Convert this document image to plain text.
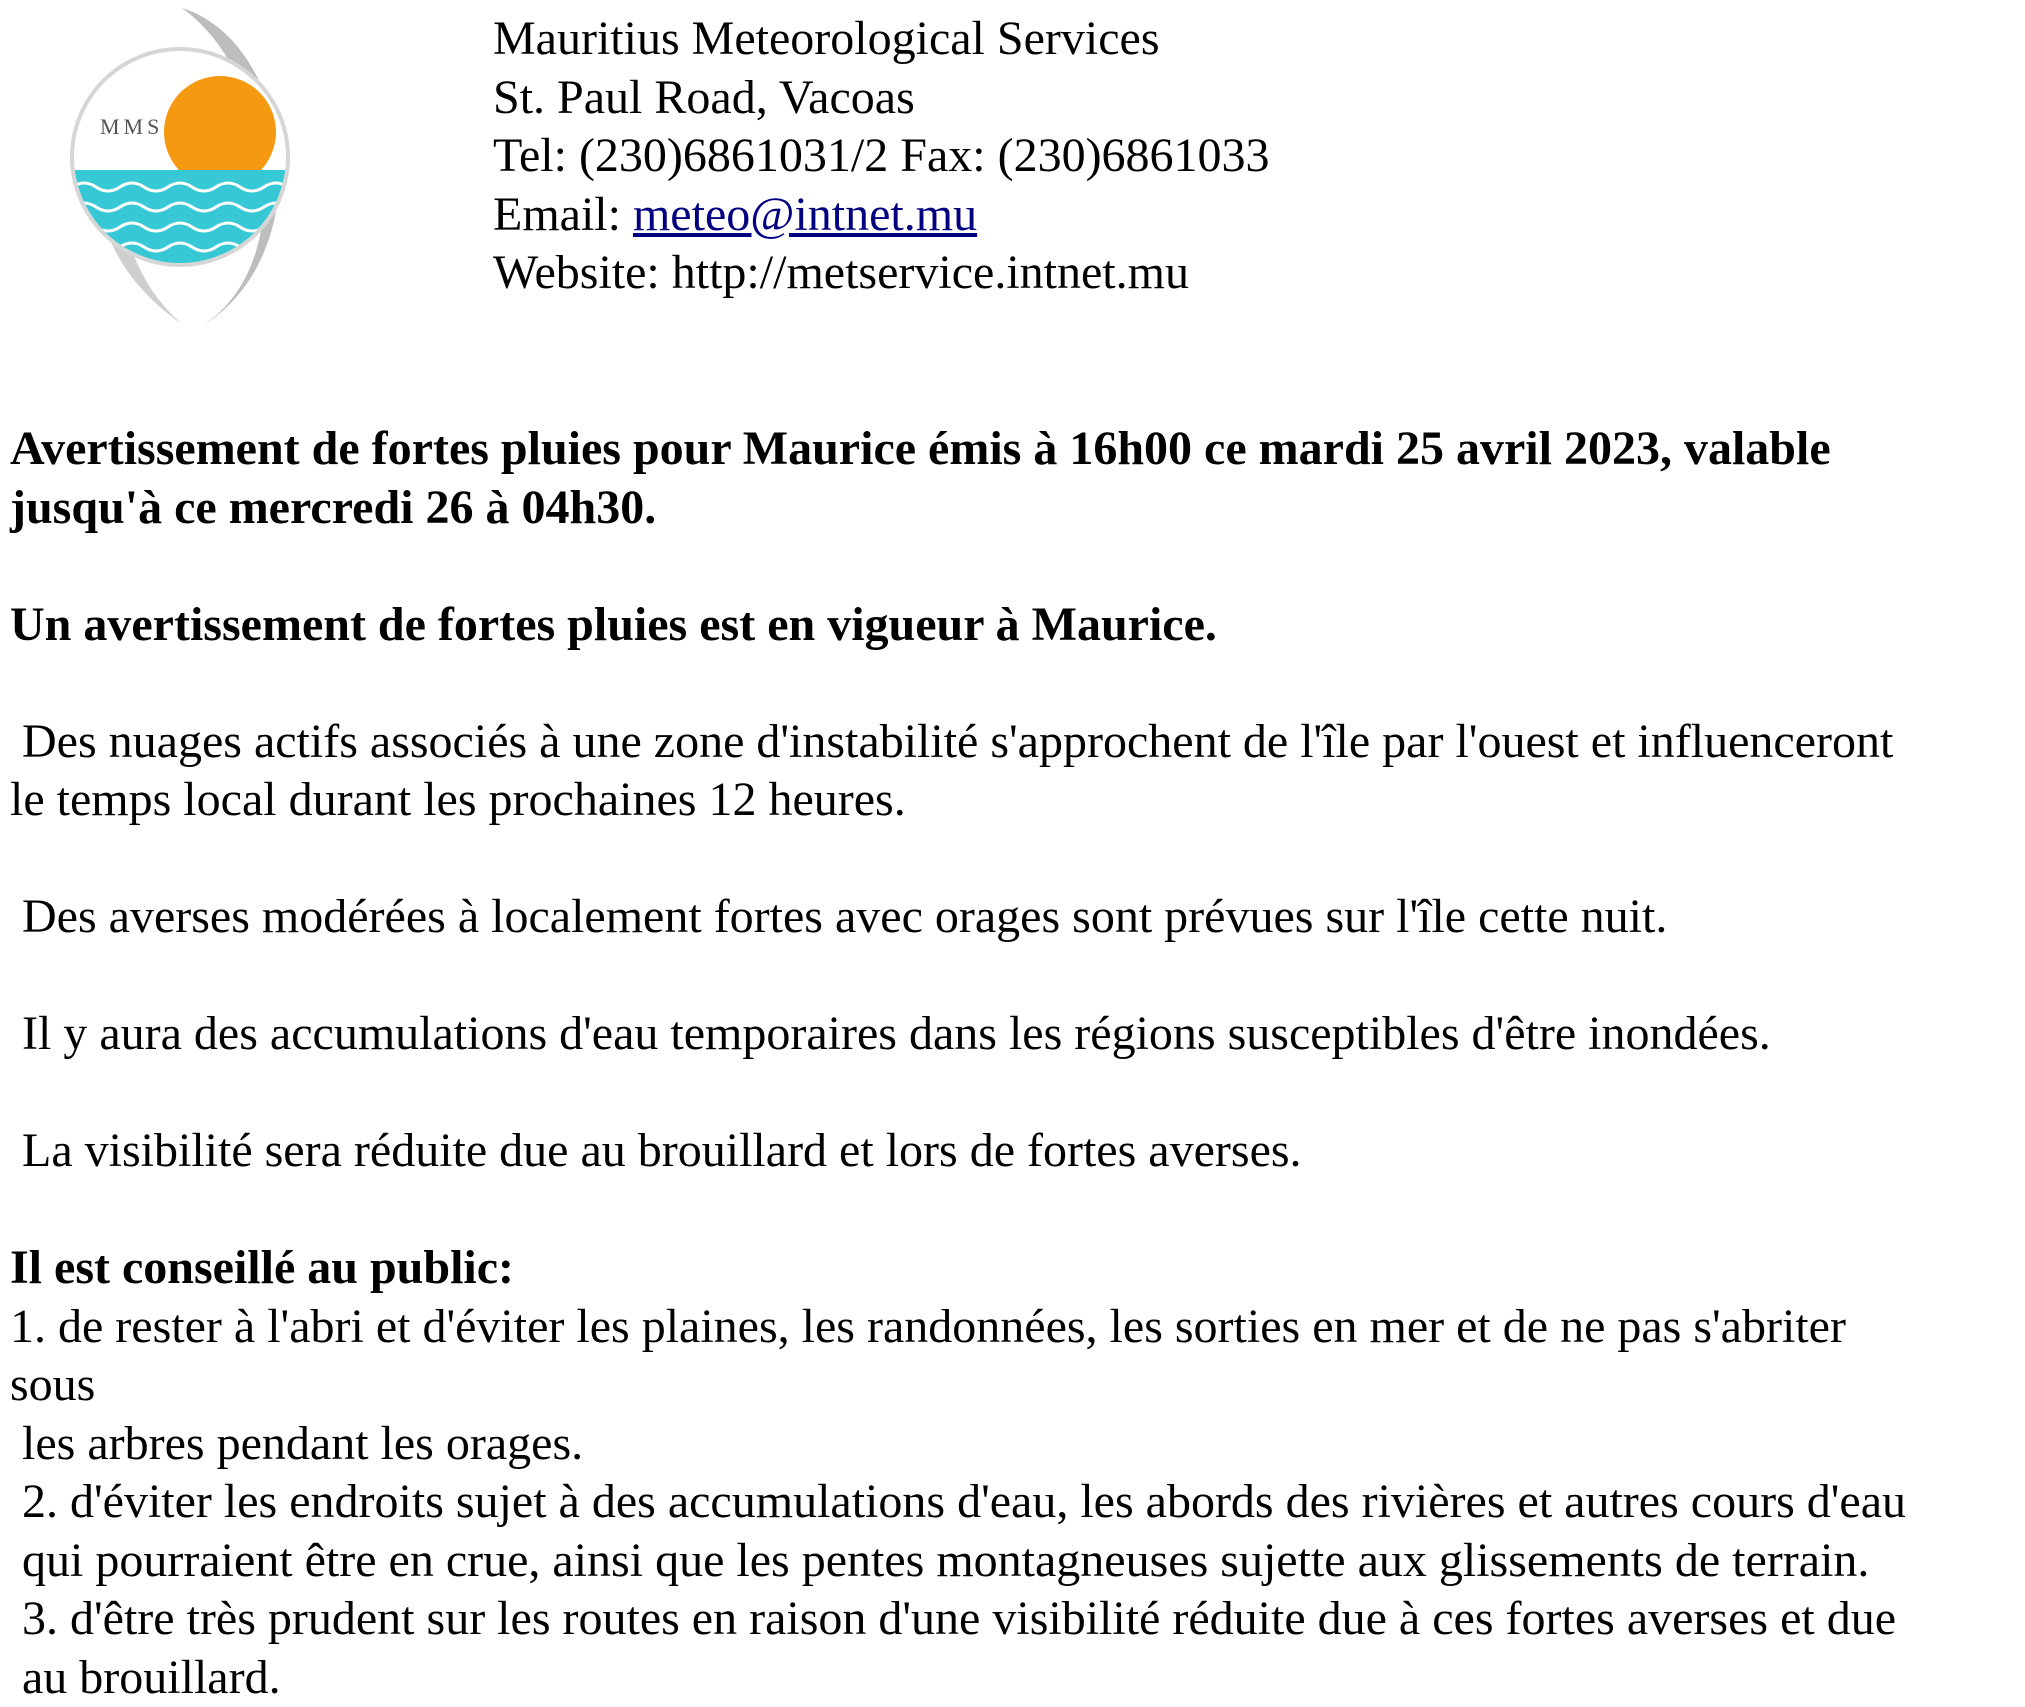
MMS
Mauritius Meteorological Services
St. Paul Road, Vacoas
Tel: (230)6861031/2 Fax: (230)6861033
Email: meteo@intnet.mu
Website: http://metservice.intnet.mu
Avertissement de fortes pluies pour Maurice émis à 16h00 ce mardi 25 avril 2023, valable
jusqu'à ce mercredi 26 à 04h30.
Un avertissement de fortes pluies est en vigueur à Maurice.
Des nuages actifs associés à une zone d'instabilité s'approchent de l'île par l'ouest et influenceront
le temps local durant les prochaines 12 heures.
Des averses modérées à localement fortes avec orages sont prévues sur l'île cette nuit.
Il y aura des accumulations d'eau temporaires dans les régions susceptibles d'être inondées.
La visibilité sera réduite due au brouillard et lors de fortes averses.
Il est conseillé au public:
1. de rester à l'abri et d'éviter les plaines, les randonnées, les sorties en mer et de ne pas s'abriter
sous
les arbres pendant les orages.
2. d'éviter les endroits sujet à des accumulations d'eau, les abords des rivières et autres cours d'eau
qui pourraient être en crue, ainsi que les pentes montagneuses sujette aux glissements de terrain.
3. d'être très prudent sur les routes en raison d'une visibilité réduite due à ces fortes averses et due
au brouillard.
